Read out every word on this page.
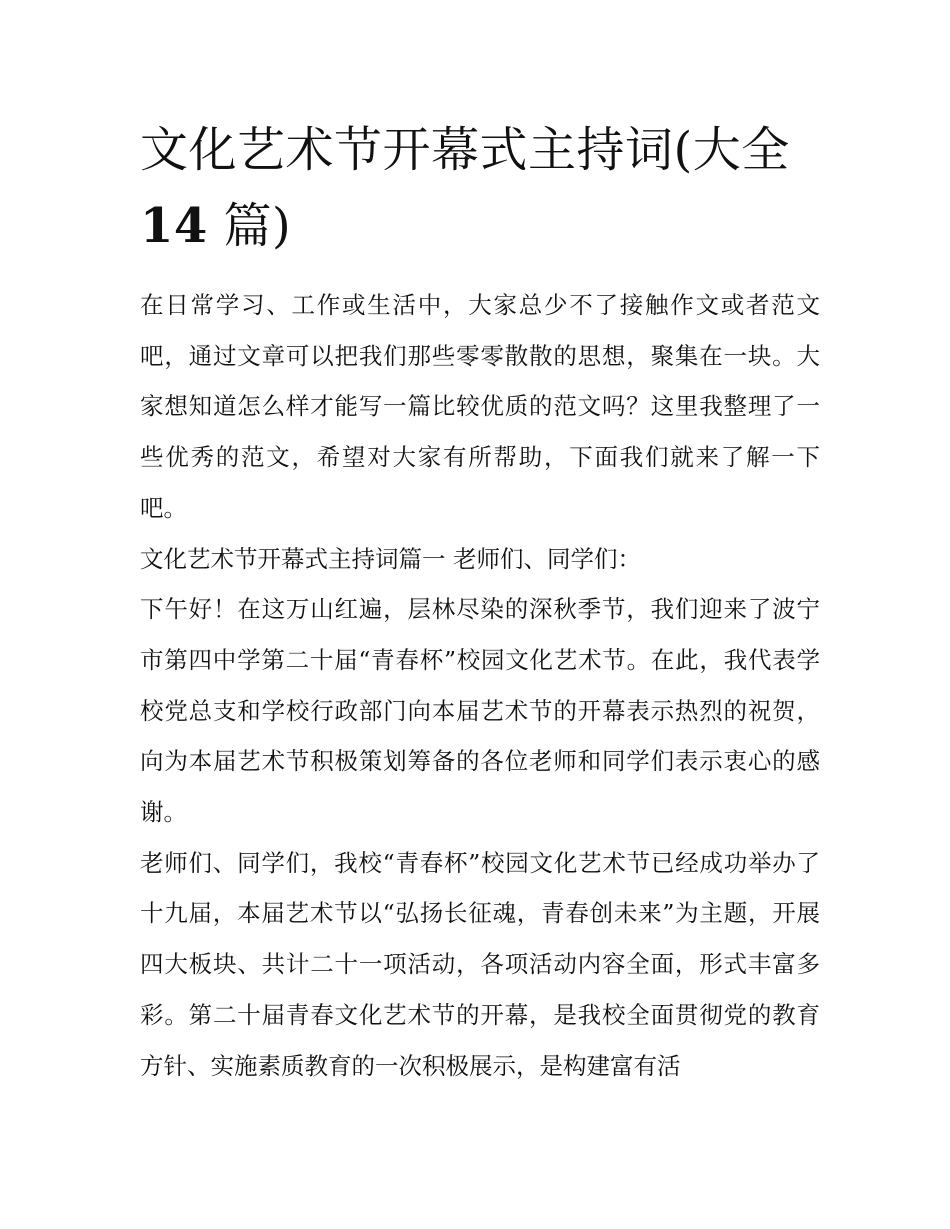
文化艺术节开幕式主持词(大全
14 篇)

在日常学习、工作或生活中，大家总少不了接触作文或者范文吧，通过文章可以把我们那些零零散散的思想，聚集在一块。大家想知道怎么样才能写一篇比较优质的范文吗？这里我整理了一些优秀的范文，希望对大家有所帮助，下面我们就来了解一下吧。

文化艺术节开幕式主持词篇一 老师们、同学们：

下午好！在这万山红遍，层林尽染的深秋季节，我们迎来了波宁市第四中学第二十届“青春杯”校园文化艺术节。在此，我代表学校党总支和学校行政部门向本届艺术节的开幕表示热烈的祝贺，向为本届艺术节积极策划筹备的各位老师和同学们表示衷心的感谢。

老师们、同学们，我校“青春杯”校园文化艺术节已经成功举办了十九届，本届艺术节以“弘扬长征魂，青春创未来”为主题，开展四大板块、共计二十一项活动，各项活动内容全面，形式丰富多彩。第二十届青春文化艺术节的开幕，是我校全面贯彻党的教育方针、实施素质教育的一次积极展示，是构建富有活
